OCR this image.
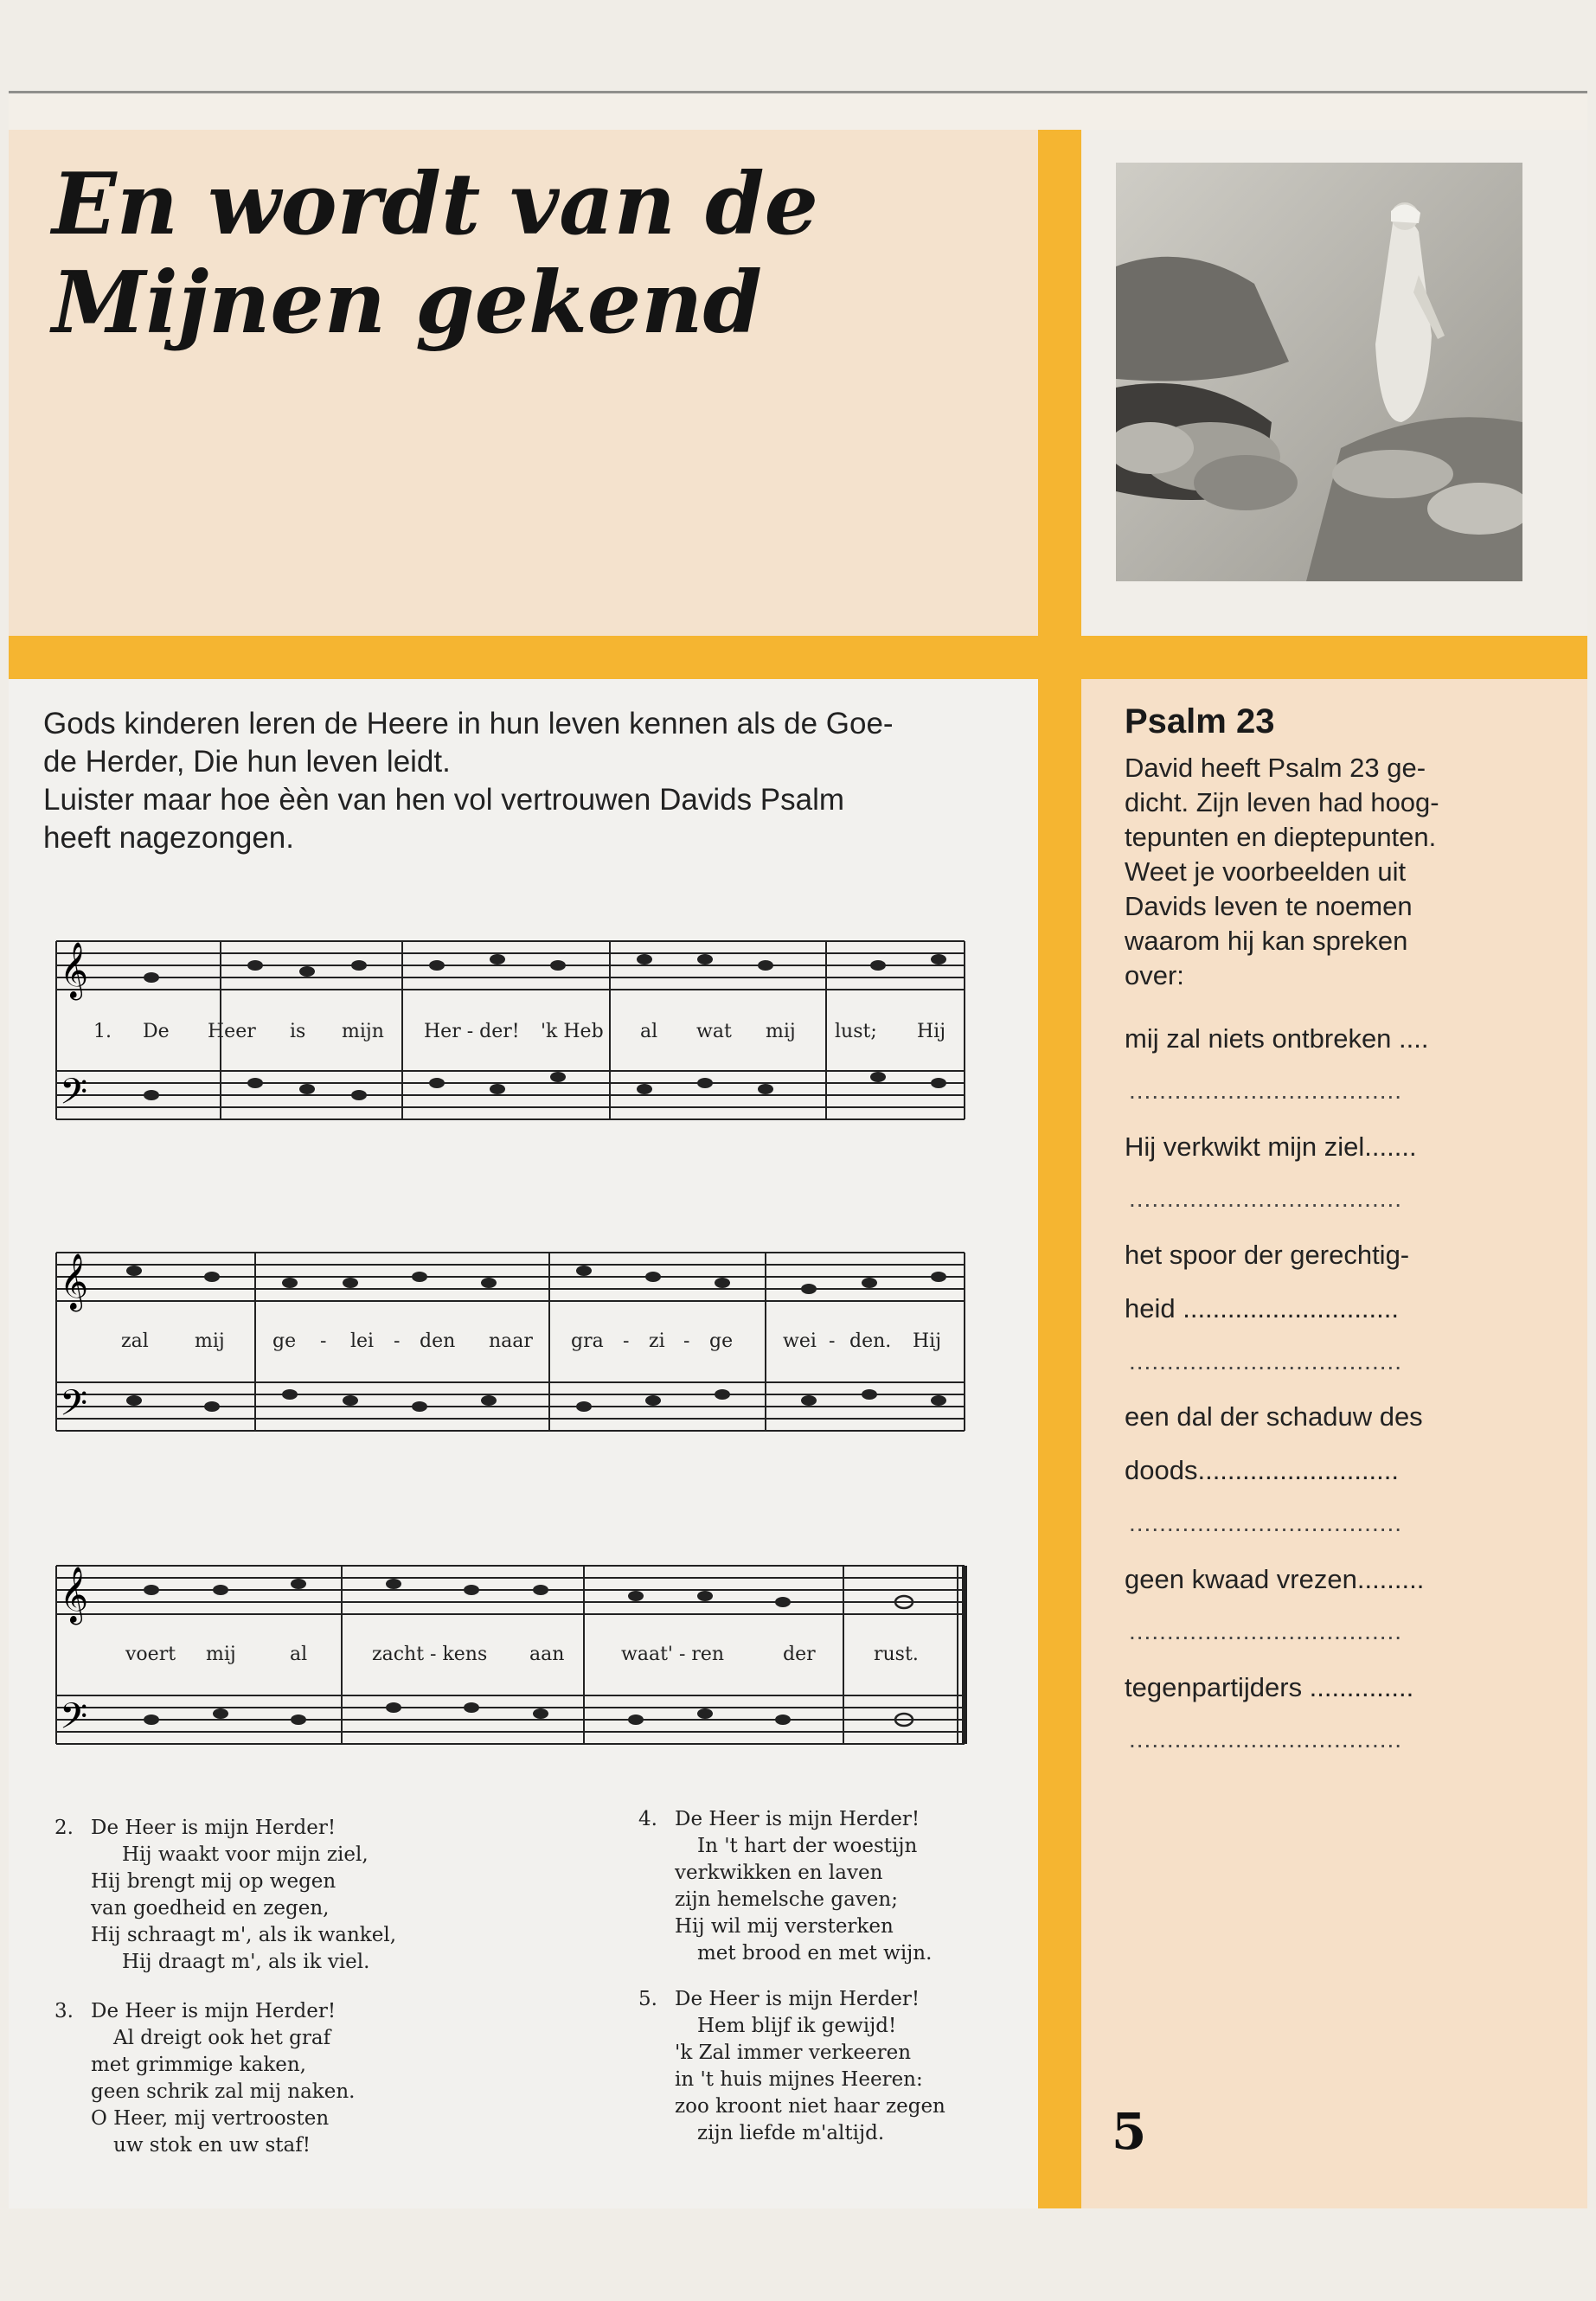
En wordt van de
Mijnen gekend

Gods kinderen leren de Heere in hun leven kennen als de Goe-
de Herder, Die hun leven leidt.
Luister maar hoe èèn van hen vol vertrouwen Davids Psalm
heeft nagezongen.

Psalm 23

David heeft Psalm 23 ge-
dicht. Zijn leven had hoog-
tepunten en dieptepunten.
Weet je voorbeelden uit
Davids leven te noemen
waarom hij kan spreken
over:

mij zal niets ontbreken ....
....................................
Hij verkwikt mijn ziel.......
....................................
het spoor der gerechtig-
heid .............................
....................................
een dal der schaduw des
doods...........................
....................................
geen kwaad vrezen.........
....................................
tegenpartijders ..............
....................................
5
𝄞
𝄢
1. De Heer is mijn Her - der! 'k Heb al wat mij lust; Hij
𝄞
𝄢
zal mij	ge - lei - den naar gra - zi - ge	wei - den. Hij
𝄞
𝄢
voert mij	al	zacht - kens aan	waat' - ren	der	rust.

2. De Heer is mijn Herder!
Hij waakt voor mijn ziel,
Hij brengt mij op wegen
van goedheid en zegen,
Hij schraagt m', als ik wankel,
Hij draagt m', als ik viel.

3. De Heer is mijn Herder!
Al dreigt ook het graf
met grimmige kaken,
geen schrik zal mij naken.
O Heer, mij vertroosten
uw stok en uw staf!

4. De Heer is mijn Herder!
In 't hart der woestijn
verkwikken en laven
zijn hemelsche gaven;
Hij wil mij versterken
met brood en met wijn.

5. De Heer is mijn Herder!
Hem blijf ik gewijd!
'k Zal immer verkeeren
in 't huis mijnes Heeren:
zoo kroont niet haar zegen
zijn liefde m'altijd.
